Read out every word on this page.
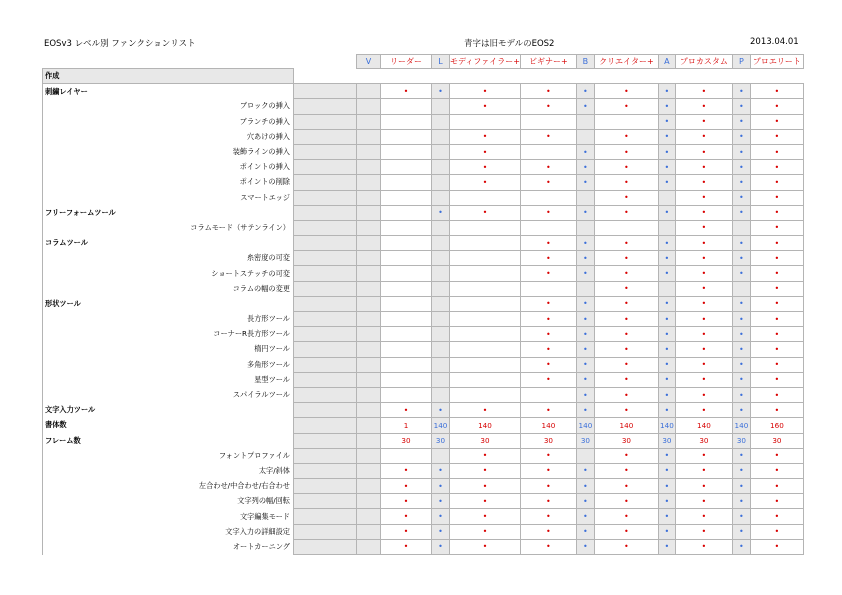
EOSv3 レベル別 ファンクションリスト	青字は旧モデルのEOS2	2013.04.01
		V	リーダー	L	モディファイラー+	ビギナー+	B	クリエイター+	A	プロカスタム	P	プロエリート
作成												
刺繍レイヤー			•	•	•	•	•	•	•	•	•	•
ブロックの挿入					•	•	•	•	•	•	•	•
ブランチの挿入									•	•	•	•
穴あけの挿入					•	•		•	•	•	•	•
装飾ラインの挿入					•		•	•	•	•	•	•
ポイントの挿入					•	•	•	•	•	•	•	•
ポイントの削除					•	•	•	•	•	•	•	•
スマートエッジ								•		•	•	•
フリーフォームツール				•	•	•	•	•	•	•	•	•
コラムモード（サテンライン）										•		•
コラムツール						•	•	•	•	•	•	•
糸密度の可変						•	•	•	•	•	•	•
ショートステッチの可変						•	•	•	•	•	•	•
コラムの幅の変更								•		•		•
形状ツール						•	•	•	•	•	•	•
長方形ツール						•	•	•	•	•	•	•
コーナーR長方形ツール						•	•	•	•	•	•	•
楕円ツール						•	•	•	•	•	•	•
多角形ツール						•	•	•	•	•	•	•
星型ツール						•	•	•	•	•	•	•
スパイラルツール							•	•	•	•	•	•
文字入力ツール			•	•	•	•	•	•	•	•	•	•
書体数			1	140	140	140	140	140	140	140	140	160
フレーム数			30	30	30	30	30	30	30	30	30	30
フォントプロファイル					•	•		•	•	•	•	•
太字/斜体			•	•	•	•	•	•	•	•	•	•
左合わせ/中合わせ/右合わせ			•	•	•	•	•	•	•	•	•	•
文字列の幅/回転			•	•	•	•	•	•	•	•	•	•
文字編集モード			•	•	•	•	•	•	•	•	•	•
文字入力の詳細設定			•	•	•	•	•	•	•	•	•	•
オートカーニング			•	•	•	•	•	•	•	•	•	•
